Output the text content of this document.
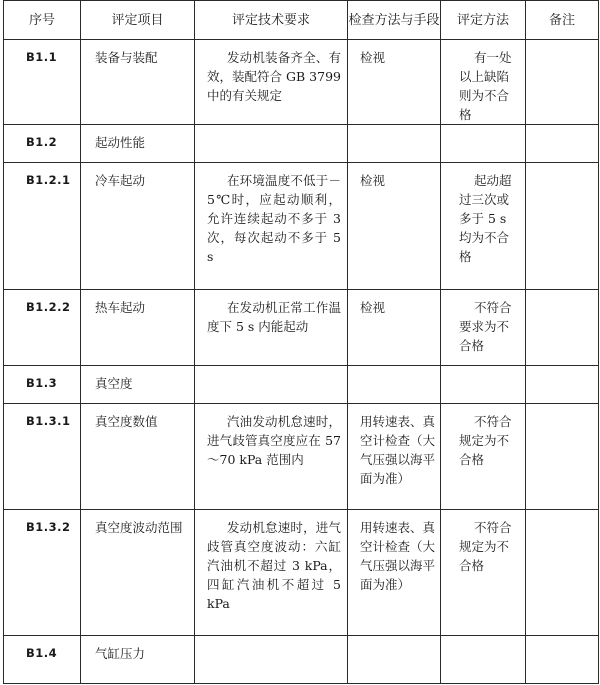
序号	评定项目	评定技术要求	检查方法与手段	评定方法	备注
B1.1	装备与装配	发动机装备齐全、有效，装配符合 GB 3799 中的有关规定	检视	有一处以上缺陷则为不合格	
B1.2	起动性能				
B1.2.1	冷车起动	在环境温度不低于－5℃时，应起动顺利，允许连续起动不多于 3 次，每次起动不多于 5 s	检视	起动超过三次或多于 5 s 均为不合格	
B1.2.2	热车起动	在发动机正常工作温度下 5 s 内能起动	检视	不符合要求为不合格	
B1.3	真空度				
B1.3.1	真空度数值	汽油发动机怠速时，进气歧管真空度应在 57～70 kPa 范围内	用转速表、真空计检查（大气压强以海平面为准）	不符合规定为不合格	
B1.3.2	真空度波动范围	发动机怠速时，进气歧管真空度波动：六缸汽油机不超过 3 kPa，四缸汽油机不超过 5 kPa	用转速表、真空计检查（大气压强以海平面为准）	不符合规定为不合格	
B1.4	气缸压力				
